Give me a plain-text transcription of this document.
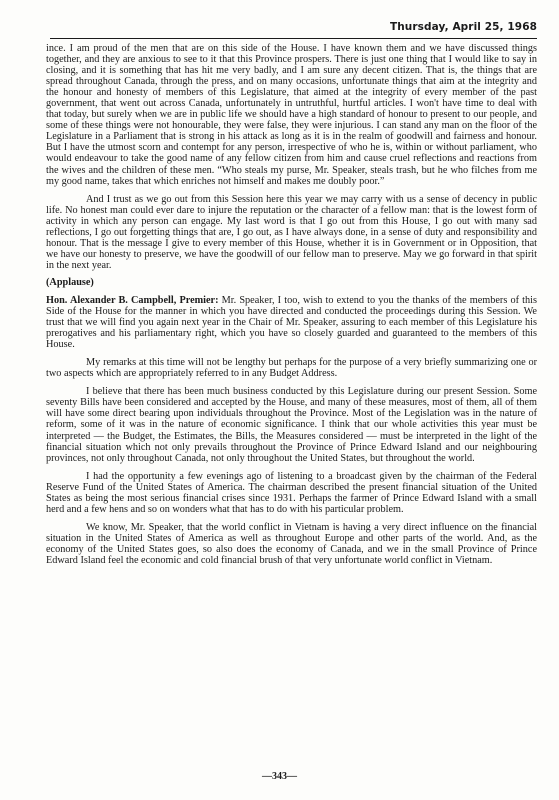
Thursday, April 25, 1968

ince. I am proud of the men that are on this side of the House. I have known them and we have discussed things together, and they are anxious to see to it that this Province prospers. There is just one thing that I would like to say in closing, and it is something that has hit me very badly, and I am sure any decent citizen. That is, the things that are spread throughout Canada, through the press, and on many occasions, unfortunate things that aim at the integrity and the honour and honesty of members of this Legislature, that aimed at the integrity of every member of the past government, that went out across Canada, unfortunately in untruthful, hurtful articles. I won't have time to deal with that today, but surely when we are in public life we should have a high standard of honour to present to our people, and some of these things were not honourable, they were false, they were injurious. I can stand any man on the floor of the Legislature in a Parliament that is strong in his attack as long as it is in the realm of goodwill and fairness and honour. But I have the utmost scorn and contempt for any person, irrespective of who he is, within or without parliament, who would endeavour to take the good name of any fellow citizen from him and cause cruel reflections and reactions from the wives and the children of these men. “Who steals my purse, Mr. Speaker, steals trash, but he who filches from me my good name, takes that which enriches not himself and makes me doubly poor.”

And I trust as we go out from this Session here this year we may carry with us a sense of decency in public life. No honest man could ever dare to injure the reputation or the character of a fellow man: that is the lowest form of activity in which any person can engage. My last word is that I go out from this House, I go out with many sad reflections, I go out forgetting things that are, I go out, as I have always done, in a sense of duty and responsibility and honour. That is the message I give to every member of this House, whether it is in Government or in Opposition, that we have our honesty to preserve, we have the goodwill of our fellow man to preserve. May we go forward in that spirit in the next year.

(Applause)

Hon. Alexander B. Campbell, Premier: Mr. Speaker, I too, wish to extend to you the thanks of the members of this Side of the House for the manner in which you have directed and conducted the proceedings during this Session. We trust that we will find you again next year in the Chair of Mr. Speaker, assuring to each member of this Legislature his prerogatives and his parliamentary right, which you have so closely guarded and guaranteed to the members of this House.

My remarks at this time will not be lengthy but perhaps for the purpose of a very briefly summarizing one or two aspects which are appropriately referred to in any Budget Address.

I believe that there has been much business conducted by this Legislature during our present Session. Some seventy Bills have been considered and accepted by the House, and many of these measures, most of them, all of them will have some direct bearing upon individuals throughout the Province. Most of the Legislation was in the nature of reform, some of it was in the nature of economic significance. I think that our whole activities this year must be interpreted — the Budget, the Estimates, the Bills, the Measures considered — must be interpreted in the light of the financial situation which not only prevails throughout the Province of Prince Edward Island and our neighbouring provinces, not only throughout Canada, not only throughout the United States, but throughout the world.

I had the opportunity a few evenings ago of listening to a broadcast given by the chairman of the Federal Reserve Fund of the United States of America. The chairman described the present financial situation of the United States as being the most serious financial crises since 1931. Perhaps the farmer of Prince Edward Island with a small herd and a few hens and so on wonders what that has to do with his particular problem.

We know, Mr. Speaker, that the world conflict in Vietnam is having a very direct influence on the financial situation in the United States of America as well as throughout Europe and other parts of the world. And, as the economy of the United States goes, so also does the economy of Canada, and we in the small Province of Prince Edward Island feel the economic and cold financial brush of that very unfortunate world conflict in Vietnam.

—343—
